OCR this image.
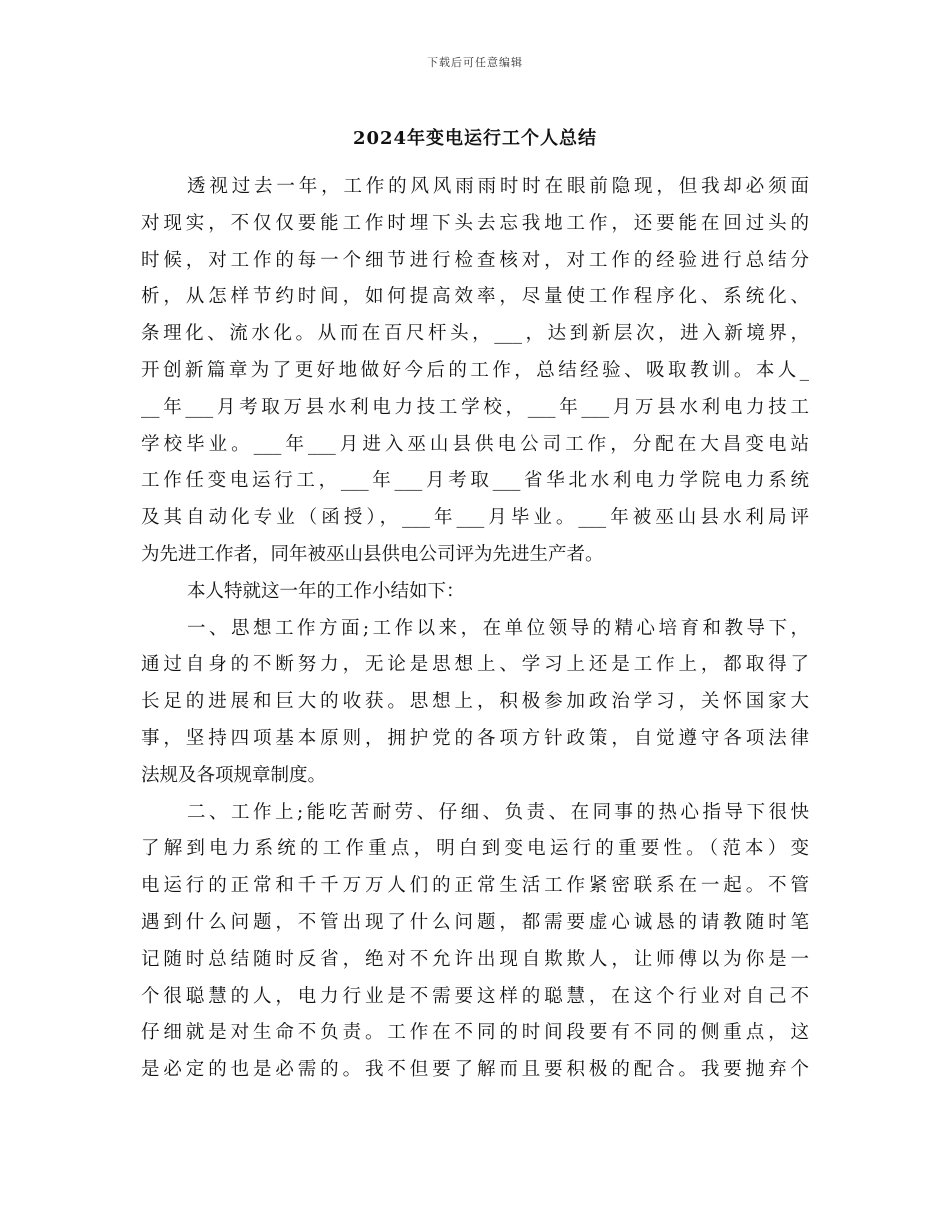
下载后可任意编辑
2024年变电运行工个人总结
透视过去一年，工作的风风雨雨时时在眼前隐现，但我却必须面
对现实，不仅仅要能工作时埋下头去忘我地工作，还要能在回过头的
时候，对工作的每一个细节进行检查核对，对工作的经验进行总结分
析，从怎样节约时间，如何提高效率，尽量使工作程序化、系统化、
条理化、流水化。从而在百尺杆头，___，达到新层次，进入新境界，
开创新篇章为了更好地做好今后的工作，总结经验、吸取教训。本人_
__年___月考取万县水利电力技工学校，___年___月万县水利电力技工
学校毕业。___年___月进入巫山县供电公司工作，分配在大昌变电站
工作任变电运行工，___年___月考取___省华北水利电力学院电力系统
及其自动化专业（函授），___年___月毕业。___年被巫山县水利局评
为先进工作者，同年被巫山县供电公司评为先进生产者。
本人特就这一年的工作小结如下：
一、思想工作方面;工作以来，在单位领导的精心培育和教导下，
通过自身的不断努力，无论是思想上、学习上还是工作上，都取得了
长足的进展和巨大的收获。思想上，积极参加政治学习，关怀国家大
事，坚持四项基本原则，拥护党的各项方针政策，自觉遵守各项法律
法规及各项规章制度。
二、工作上;能吃苦耐劳、仔细、负责、在同事的热心指导下很快
了解到电力系统的工作重点，明白到变电运行的重要性。（范本）变
电运行的正常和千千万万人们的正常生活工作紧密联系在一起。不管
遇到什么问题，不管出现了什么问题，都需要虚心诚恳的请教随时笔
记随时总结随时反省，绝对不允许出现自欺欺人，让师傅以为你是一
个很聪慧的人，电力行业是不需要这样的聪慧，在这个行业对自己不
仔细就是对生命不负责。工作在不同的时间段要有不同的侧重点，这
是必定的也是必需的。我不但要了解而且要积极的配合。我要抛弃个
